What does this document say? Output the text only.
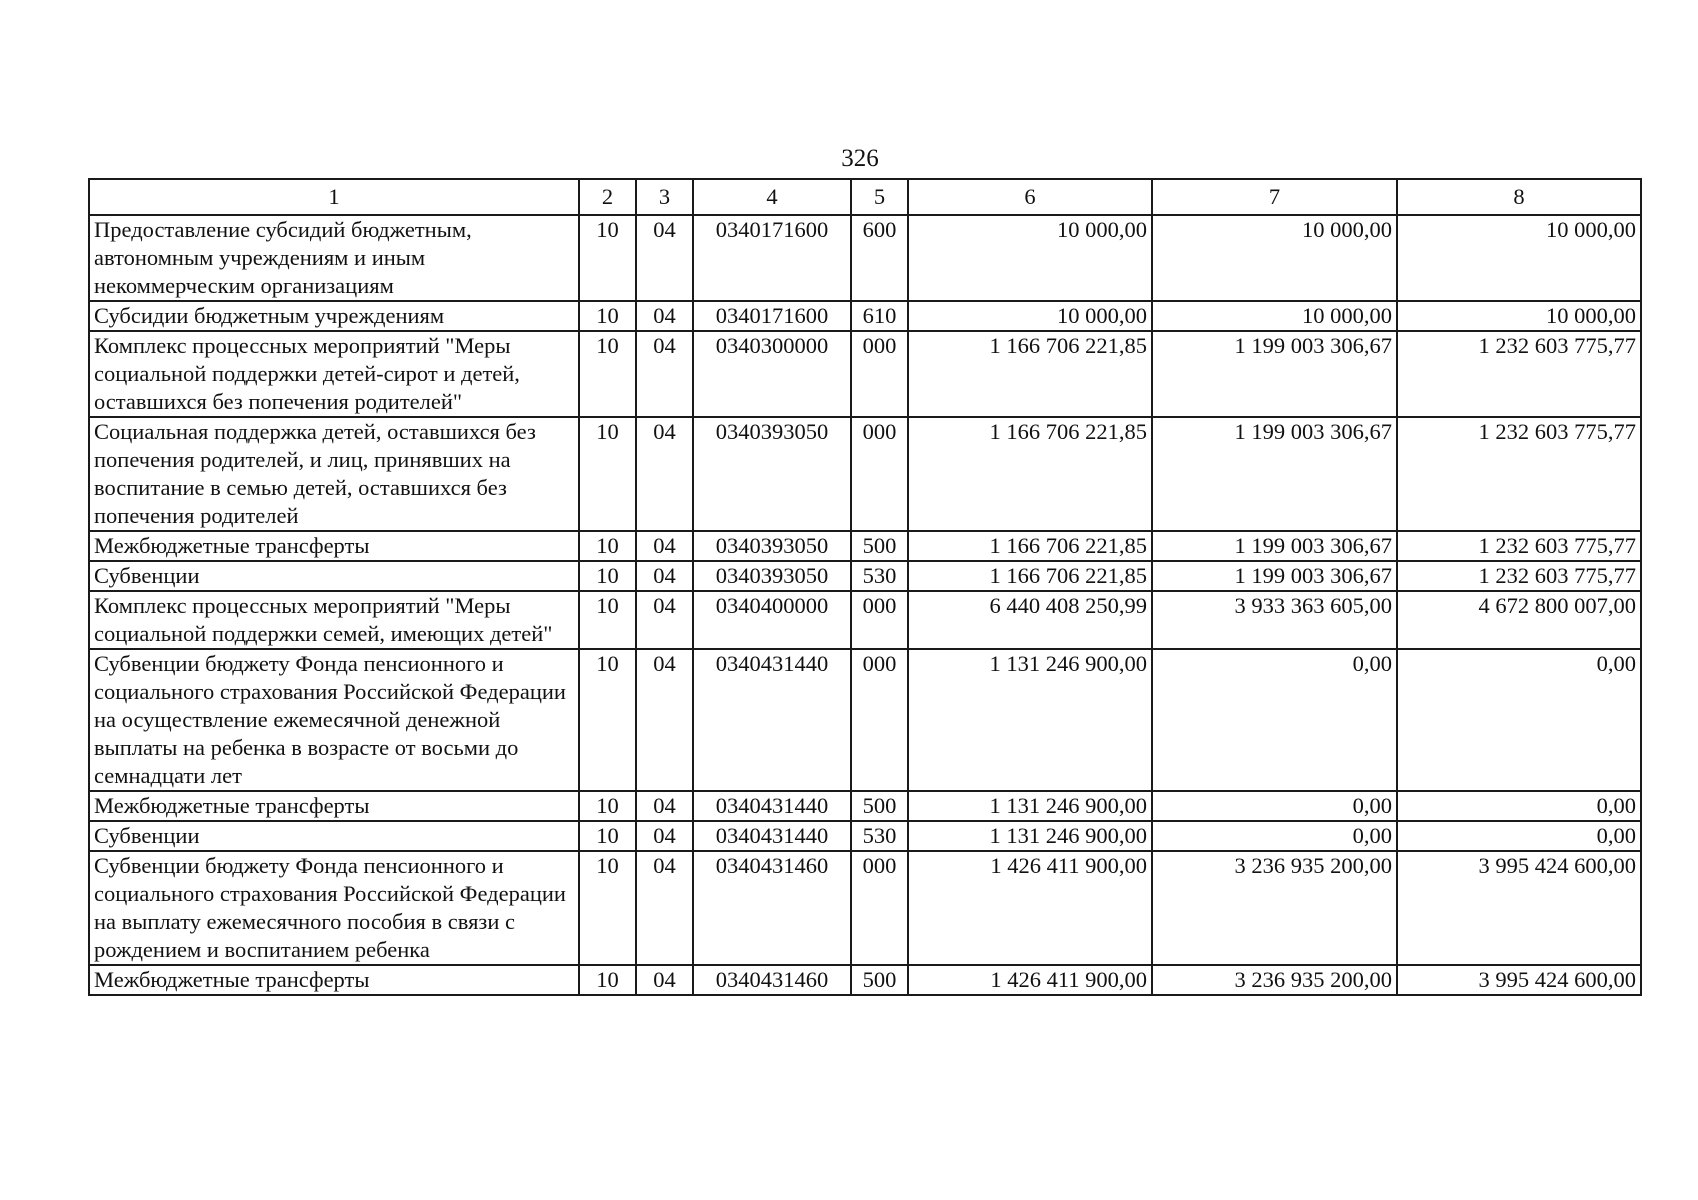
326
1	2	3	4	5	6	7	8
Предоставление субсидий бюджетным, автономным учреждениям и иным некоммерческим организациям	10	04	0340171600	600	10 000,00	10 000,00	10 000,00
Субсидии бюджетным учреждениям	10	04	0340171600	610	10 000,00	10 000,00	10 000,00
Комплекс процессных мероприятий "Меры социальной поддержки детей-сирот и детей, оставшихся без попечения родителей"	10	04	0340300000	000	1 166 706 221,85	1 199 003 306,67	1 232 603 775,77
Социальная поддержка детей, оставшихся без попечения родителей, и лиц, принявших на воспитание в семью детей, оставшихся без попечения родителей	10	04	0340393050	000	1 166 706 221,85	1 199 003 306,67	1 232 603 775,77
Межбюджетные трансферты	10	04	0340393050	500	1 166 706 221,85	1 199 003 306,67	1 232 603 775,77
Субвенции	10	04	0340393050	530	1 166 706 221,85	1 199 003 306,67	1 232 603 775,77
Комплекс процессных мероприятий "Меры социальной поддержки семей, имеющих детей"	10	04	0340400000	000	6 440 408 250,99	3 933 363 605,00	4 672 800 007,00
Субвенции бюджету Фонда пенсионного и социального страхования Российской Федерации на осуществление ежемесячной денежной выплаты на ребенка в возрасте от восьми до семнадцати лет	10	04	0340431440	000	1 131 246 900,00	0,00	0,00
Межбюджетные трансферты	10	04	0340431440	500	1 131 246 900,00	0,00	0,00
Субвенции	10	04	0340431440	530	1 131 246 900,00	0,00	0,00
Субвенции бюджету Фонда пенсионного и социального страхования Российской Федерации на выплату ежемесячного пособия в связи с рождением и воспитанием ребенка	10	04	0340431460	000	1 426 411 900,00	3 236 935 200,00	3 995 424 600,00
Межбюджетные трансферты	10	04	0340431460	500	1 426 411 900,00	3 236 935 200,00	3 995 424 600,00
